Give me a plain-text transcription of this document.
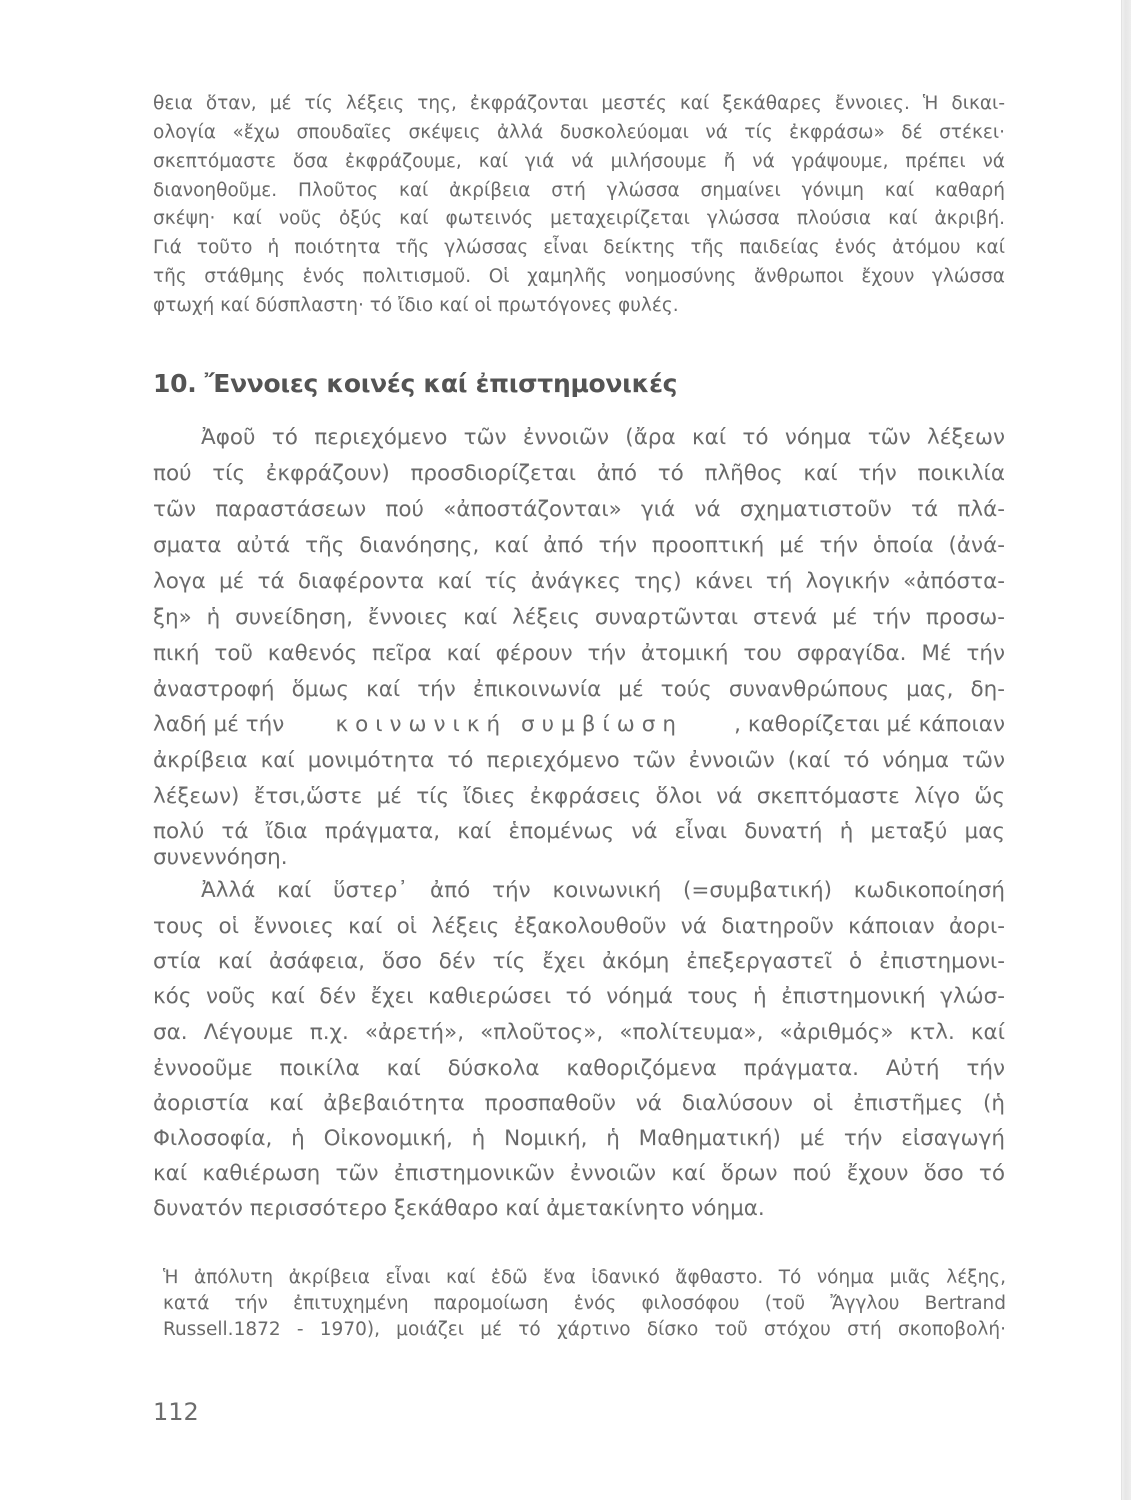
θεια ὅταν, μέ τίς λέξεις της, ἐκφράζονται μεστές καί ξεκάθαρες ἔννοιες. Ἡ δικαι-
ολογία «ἔχω σπουδαῖες σκέψεις ἀλλά δυσκολεύομαι νά τίς ἐκφράσω» δέ στέκει·
σκεπτόμαστε ὅσα ἐκφράζουμε, καί γιά νά μιλήσουμε ἤ νά γράψουμε, πρέπει νά
διανοηθοῦμε. Πλοῦτος καί ἀκρίβεια στή γλώσσα σημαίνει γόνιμη καί καθαρή
σκέψη· καί νοῦς ὀξύς καί φωτεινός μεταχειρίζεται γλώσσα πλούσια καί ἀκριβή.
Γιά τοῦτο ἡ ποιότητα τῆς γλώσσας εἶναι δείκτης τῆς παιδείας ἑνός ἀτόμου καί
τῆς στάθμης ἑνός πολιτισμοῦ. Οἱ χαμηλῆς νοημοσύνης ἄνθρωποι ἔχουν γλώσσα
φτωχή καί δύσπλαστη· τό ἴδιο καί οἱ πρωτόγονες φυλές.
10. Ἔννοιες κοινές καί ἐπιστημονικές
Ἀφοῦ τό περιεχόμενο τῶν ἐννοιῶν (ἄρα καί τό νόημα τῶν λέξεων
πού τίς ἐκφράζουν) προσδιορίζεται ἀπό τό πλῆθος καί τήν ποικιλία
τῶν παραστάσεων πού «ἀποστάζονται» γιά νά σχηματιστοῦν τά πλά-
σματα αὐτά τῆς διανόησης, καί ἀπό τήν προοπτική μέ τήν ὁποία (ἀνά-
λογα μέ τά διαφέροντα καί τίς ἀνάγκες της) κάνει τή λογικήν «ἀπόστα-
ξη» ἡ συνείδηση, ἔννοιες καί λέξεις συναρτῶνται στενά μέ τήν προσω-
πική τοῦ καθενός πεῖρα καί φέρουν τήν ἀτομική του σφραγίδα. Μέ τήν
ἀναστροφή ὅμως καί τήν ἐπικοινωνία μέ τούς συνανθρώπους μας, δη-
λαδή μέ τήν κοινωνική συμβίωση , καθορίζεται μέ κάποιαν
ἀκρίβεια καί μονιμότητα τό περιεχόμενο τῶν ἐννοιῶν (καί τό νόημα τῶν
λέξεων) ἔτσι,ὥστε μέ τίς ἴδιες ἐκφράσεις ὅλοι νά σκεπτόμαστε λίγο ὥς
πολύ τά ἴδια πράγματα, καί ἑπομένως νά εἶναι δυνατή ἡ μεταξύ μας
συνεννόηση.
Ἀλλά καί ὕστερ᾽ ἀπό τήν κοινωνική (=συμβατική) κωδικοποίησή
τους οἱ ἔννοιες καί οἱ λέξεις ἐξακολουθοῦν νά διατηροῦν κάποιαν ἀορι-
στία καί ἀσάφεια, ὅσο δέν τίς ἔχει ἀκόμη ἐπεξεργαστεῖ ὁ ἐπιστημονι-
κός νοῦς καί δέν ἔχει καθιερώσει τό νόημά τους ἡ ἐπιστημονική γλώσ-
σα. Λέγουμε π.χ. «ἀρετή», «πλοῦτος», «πολίτευμα», «ἀριθμός» κτλ. καί
ἐννοοῦμε ποικίλα καί δύσκολα καθοριζόμενα πράγματα. Αὐτή τήν
ἀοριστία καί ἀβεβαιότητα προσπαθοῦν νά διαλύσουν οἱ ἐπιστῆμες (ἡ
Φιλοσοφία, ἡ Οἰκονομική, ἡ Νομική, ἡ Μαθηματική) μέ τήν εἰσαγωγή
καί καθιέρωση τῶν ἐπιστημονικῶν ἐννοιῶν καί ὅρων πού ἔχουν ὅσο τό
δυνατόν περισσότερο ξεκάθαρο καί ἀμετακίνητο νόημα.
Ἡ ἀπόλυτη ἀκρίβεια εἶναι καί ἐδῶ ἕνα ἰδανικό ἄφθαστο. Τό νόημα μιᾶς λέξης,
κατά τήν ἐπιτυχημένη παρομοίωση ἑνός φιλοσόφου (τοῦ Ἄγγλου Bertrand
Russell.1872 - 1970), μοιάζει μέ τό χάρτινο δίσκο τοῦ στόχου στή σκοποβολή·
112
